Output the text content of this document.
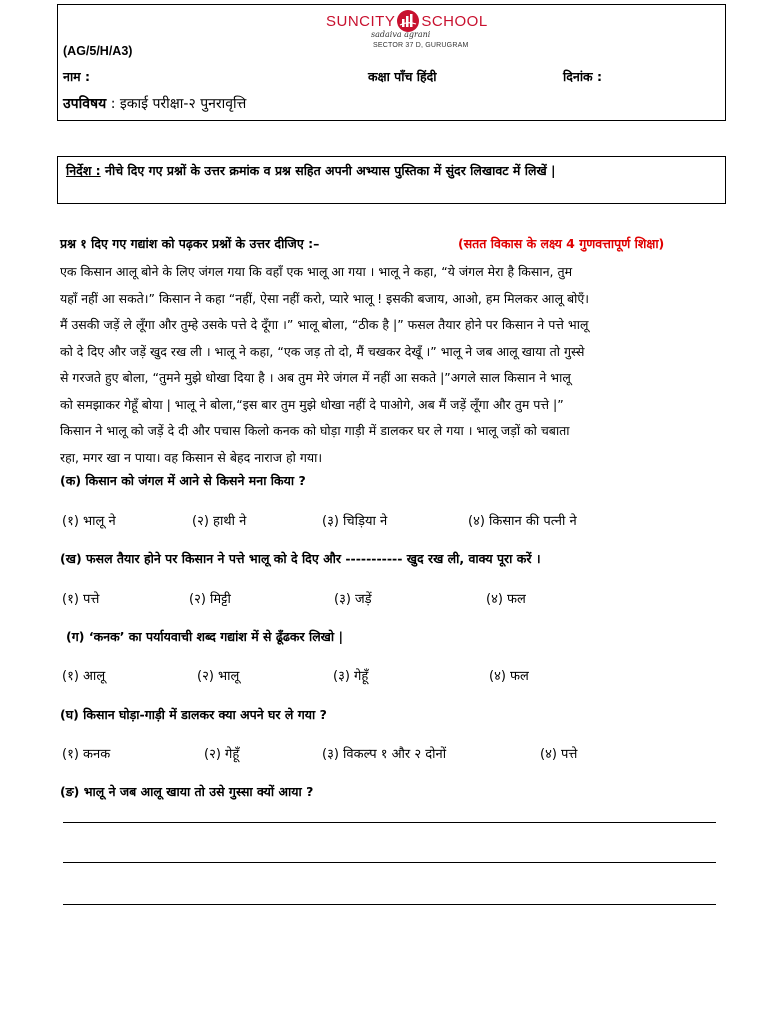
SUNCITY SCHOOL
sadaiva agrani
SECTOR 37 D, GURUGRAM
(AG/5/H/A3)
नाम :	कक्षा पाँच हिंदी	दिनांक :
उपविषय : इकाई परीक्षा-२ पुनरावृत्ति
निर्देश : नीचे दिए गए प्रश्नों के उत्तर क्रमांक व प्रश्न सहित अपनी अभ्यास पुस्तिका में सुंदर लिखावट में लिखें |
प्रश्न १ दिए गए गद्यांश को पढ़कर प्रश्नों के उत्तर दीजिए :–	(सतत विकास के लक्ष्य 4 गुणवत्तापूर्ण शिक्षा)
एक किसान आलू बोने के लिए जंगल गया कि वहाँ एक भालू आ गया । भालू ने कहा, “ये जंगल मेरा है किसान, तुम
यहाँ नहीं आ सकते।” किसान ने कहा “नहीं, ऐसा नहीं करो, प्यारे भालू ! इसकी बजाय, आओ, हम मिलकर आलू बोएँ।
मैं उसकी जड़ें ले लूँगा और तुम्हे उसके पत्ते दे दूँगा ।” भालू बोला, “ठीक है |” फसल तैयार होने पर किसान ने पत्ते भालू
को दे दिए और जड़ें खुद रख ली । भालू ने कहा, “एक जड़ तो दो, मैं चखकर देखूँ ।” भालू ने जब आलू खाया तो गुस्से
से गरजते हुए बोला, “तुमने मुझे धोखा दिया है । अब तुम मेरे जंगल में नहीं आ सकते |”अगले साल किसान ने भालू
को समझाकर गेहूँ बोया | भालू ने बोला,“इस बार तुम मुझे धोखा नहीं दे पाओगे, अब मैं जड़ें लूँगा और तुम पत्ते |”
किसान ने भालू को जड़ें दे दी और पचास किलो कनक को घोड़ा गाड़ी में डालकर घर ले गया । भालू जड़ों को चबाता
रहा, मगर खा न पाया। वह किसान से बेहद नाराज हो गया।
(क) किसान को जंगल में आने से किसने मना किया ?
(१) भालू ने	(२) हाथी ने	(३) चिड़िया ने	(४) किसान की पत्नी ने
(ख) फसल तैयार होने पर किसान ने पत्ते भालू को दे दिए और ----------- खुद रख ली, वाक्य पूरा करें ।
(१) पत्ते	(२) मिट्टी	(३) जड़ें	(४) फल
(ग) ‘कनक’ का पर्यायवाची शब्द गद्यांश में से ढूँढकर लिखो |
(१) आलू	(२) भालू	(३) गेहूँ	(४) फल
(घ) किसान घोड़ा-गाड़ी में डालकर क्या अपने घर ले गया ?
(१) कनक	(२) गेहूँ	(३) विकल्प १ और २ दोनों	(४) पत्ते
(ङ) भालू ने जब आलू खाया तो उसे गुस्सा क्यों आया ?
